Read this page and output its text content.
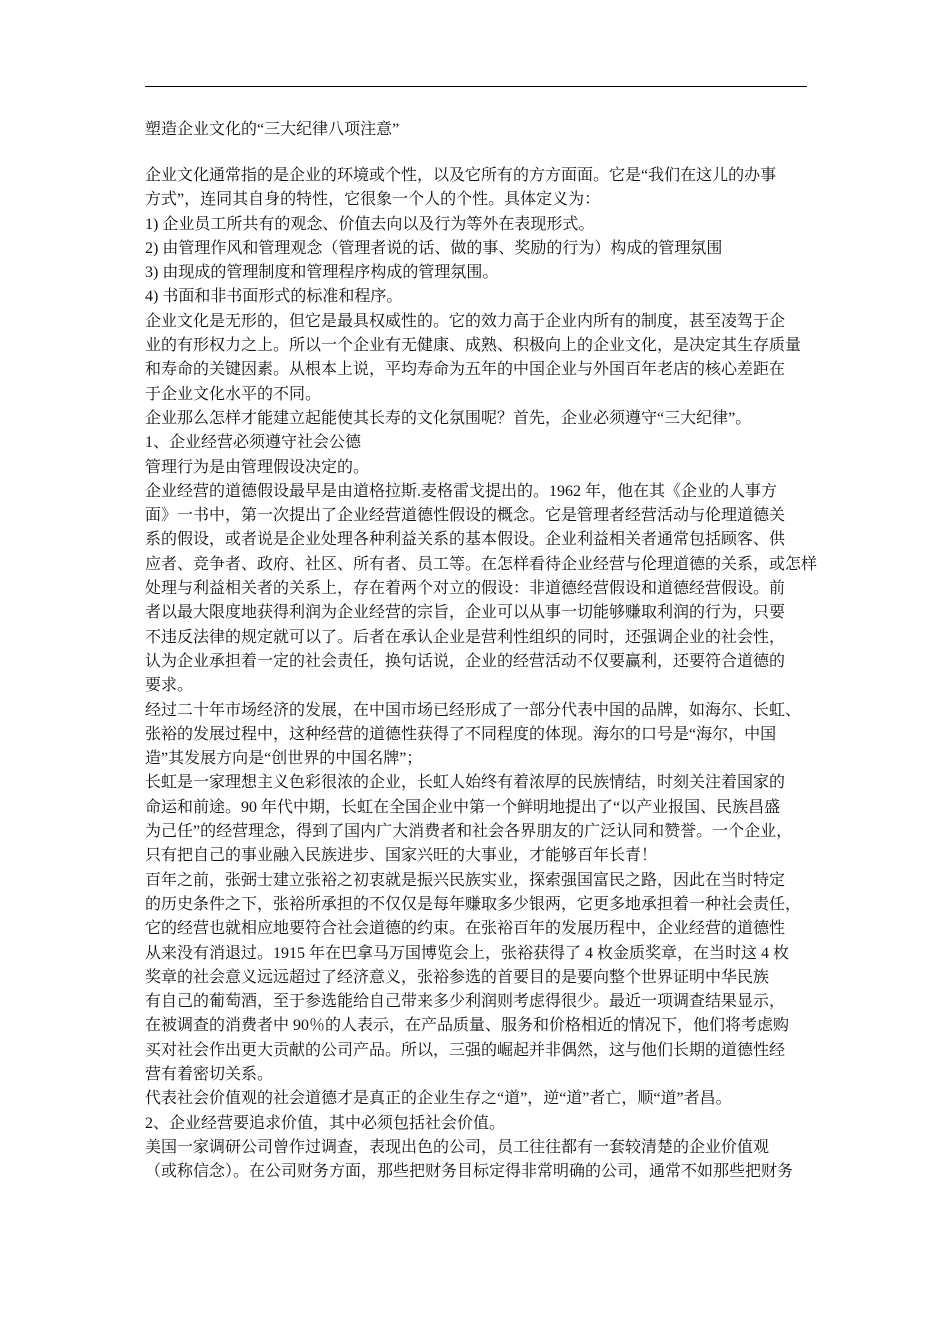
塑造企业文化的“三大纪律八项注意”
企业文化通常指的是企业的环境或个性，以及它所有的方方面面。它是“我们在这儿的办事
方式”，连同其自身的特性，它很象一个人的个性。具体定义为：
1) 企业员工所共有的观念、价值去向以及行为等外在表现形式。
2) 由管理作风和管理观念（管理者说的话、做的事、奖励的行为）构成的管理氛围
3) 由现成的管理制度和管理程序构成的管理氛围。
4) 书面和非书面形式的标准和程序。
企业文化是无形的，但它是最具权威性的。它的效力高于企业内所有的制度，甚至凌驾于企
业的有形权力之上。所以一个企业有无健康、成熟、积极向上的企业文化，是决定其生存质量
和寿命的关键因素。从根本上说，平均寿命为五年的中国企业与外国百年老店的核心差距在
于企业文化水平的不同。
企业那么怎样才能建立起能使其长寿的文化氛围呢？首先，企业必须遵守“三大纪律”。
1、企业经营必须遵守社会公德
管理行为是由管理假设决定的。
企业经营的道德假设最早是由道格拉斯.麦格雷戈提出的。1962 年，他在其《企业的人事方
面》一书中，第一次提出了企业经营道德性假设的概念。它是管理者经营活动与伦理道德关
系的假设，或者说是企业处理各种利益关系的基本假设。企业利益相关者通常包括顾客、供
应者、竞争者、政府、社区、所有者、员工等。在怎样看待企业经营与伦理道德的关系，或怎样
处理与利益相关者的关系上，存在着两个对立的假设：非道德经营假设和道德经营假设。前
者以最大限度地获得利润为企业经营的宗旨，企业可以从事一切能够赚取利润的行为，只要
不违反法律的规定就可以了。后者在承认企业是营利性组织的同时，还强调企业的社会性，
认为企业承担着一定的社会责任，换句话说，企业的经营活动不仅要赢利，还要符合道德的
要求。
经过二十年市场经济的发展，在中国市场已经形成了一部分代表中国的品牌，如海尔、长虹、
张裕的发展过程中，这种经营的道德性获得了不同程度的体现。海尔的口号是“海尔，中国
造”其发展方向是“创世界的中国名牌”；
长虹是一家理想主义色彩很浓的企业，长虹人始终有着浓厚的民族情结，时刻关注着国家的
命运和前途。90 年代中期，长虹在全国企业中第一个鲜明地提出了“以产业报国、民族昌盛
为己任”的经营理念，得到了国内广大消费者和社会各界朋友的广泛认同和赞誉。一个企业，
只有把自己的事业融入民族进步、国家兴旺的大事业，才能够百年长青！
百年之前，张弼士建立张裕之初衷就是振兴民族实业，探索强国富民之路，因此在当时特定
的历史条件之下，张裕所承担的不仅仅是每年赚取多少银两，它更多地承担着一种社会责任，
它的经营也就相应地要符合社会道德的约束。在张裕百年的发展历程中，企业经营的道德性
从来没有消退过。1915 年在巴拿马万国博览会上，张裕获得了 4 枚金质奖章，在当时这 4 枚
奖章的社会意义远远超过了经济意义，张裕参选的首要目的是要向整个世界证明中华民族
有自己的葡萄酒，至于参选能给自己带来多少利润则考虑得很少。最近一项调查结果显示，
在被调查的消费者中 90％的人表示，在产品质量、服务和价格相近的情况下，他们将考虑购
买对社会作出更大贡献的公司产品。所以，三强的崛起并非偶然，这与他们长期的道德性经
营有着密切关系。
代表社会价值观的社会道德才是真正的企业生存之“道”，逆“道”者亡，顺“道”者昌。
2、企业经营要追求价值，其中必须包括社会价值。
美国一家调研公司曾作过调查，表现出色的公司，员工往往都有一套较清楚的企业价值观
（或称信念）。在公司财务方面，那些把财务目标定得非常明确的公司，通常不如那些把财务
